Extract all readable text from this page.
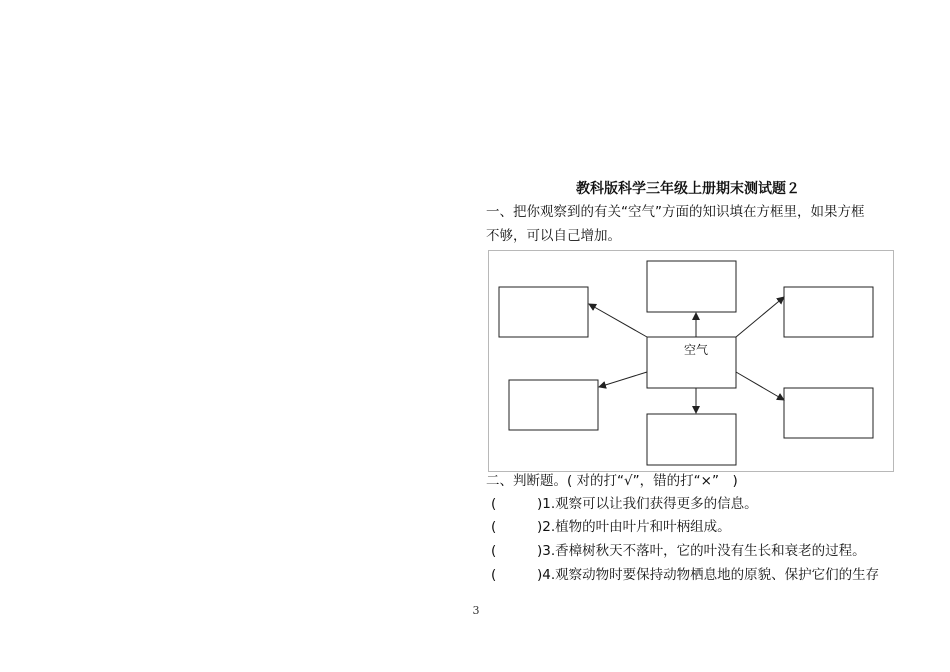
教科版科学三年级上册期末测试题２
一、把你观察到的有关“空气”方面的知识填在方框里，如果方框
不够，可以自己增加。
空气
二、判断题。( 对的打“√”，错的打“×”　)
(	)1.观察可以让我们获得更多的信息。
(	)2.植物的叶由叶片和叶柄组成。
(	)3.香樟树秋天不落叶，它的叶没有生长和衰老的过程。
(	)4.观察动物时要保持动物栖息地的原貌、保护它们的生存
3
